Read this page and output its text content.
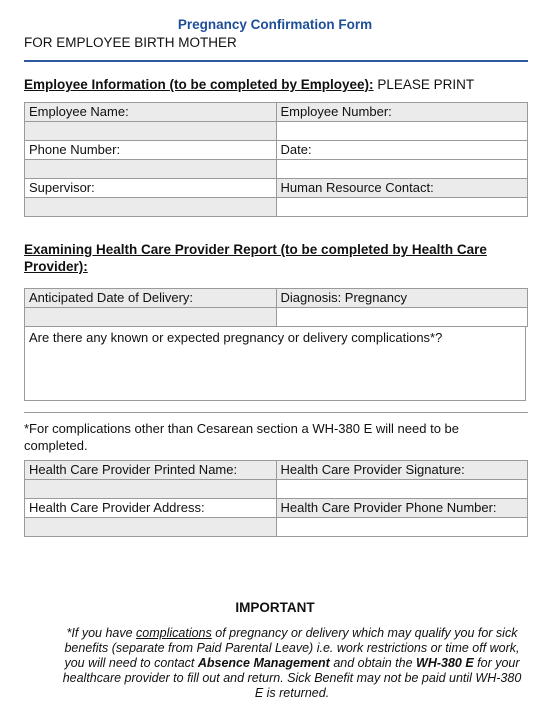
Pregnancy Confirmation Form
FOR EMPLOYEE BIRTH MOTHER
Employee Information (to be completed by Employee): PLEASE PRINT
Employee Name:	Employee Number:

Phone Number:	Date:

Supervisor:	Human Resource Contact:

Examining Health Care Provider Report (to be completed by Health Care Provider):
Anticipated Date of Delivery:	Diagnosis: Pregnancy

Are there any known or expected pregnancy or delivery complications*?
*For complications other than Cesarean section a WH-380 E will need to be completed.
Health Care Provider Printed Name:	Health Care Provider Signature:

Health Care Provider Address:	Health Care Provider Phone Number:

IMPORTANT
*If you have complications of pregnancy or delivery which may qualify you for sick benefits (separate from Paid Parental Leave) i.e. work restrictions or time off work, you will need to contact Absence Management and obtain the WH-380 E for your healthcare provider to fill out and return. Sick Benefit may not be paid until WH-380 E is returned.
